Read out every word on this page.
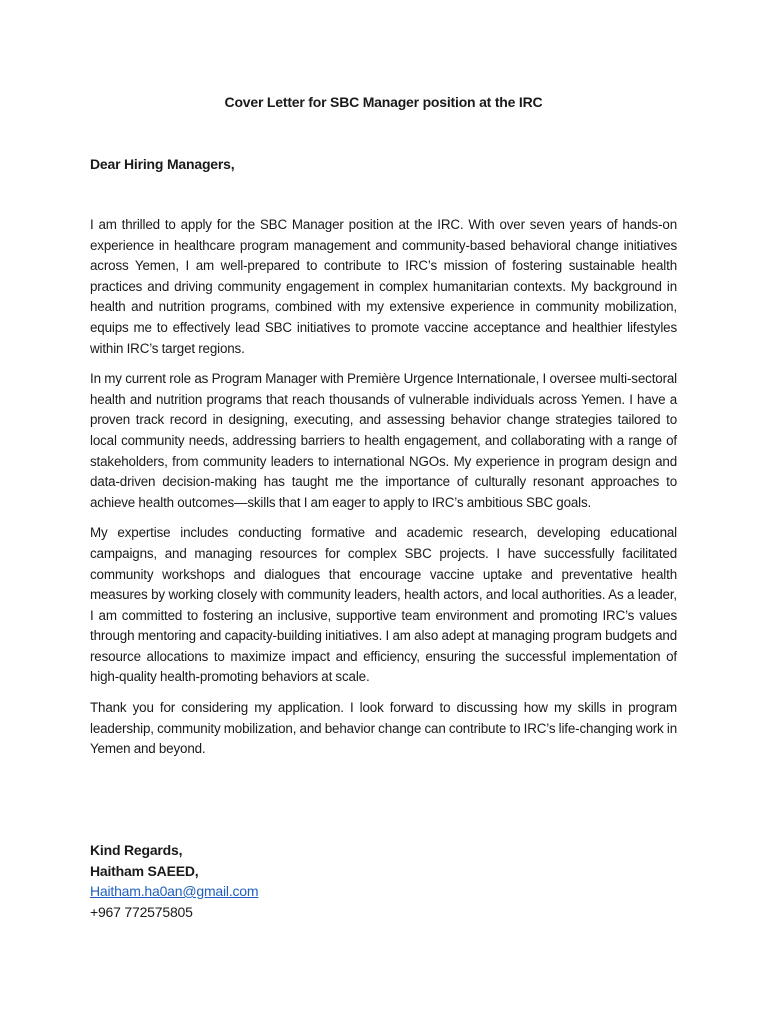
Cover Letter for SBC Manager position at the IRC
Dear Hiring Managers,

I am thrilled to apply for the SBC Manager position at the IRC. With over seven years of hands-on experience in healthcare program management and community-based behavioral change initiatives across Yemen, I am well-prepared to contribute to IRC’s mission of fostering sustainable health practices and driving community engagement in complex humanitarian contexts. My background in health and nutrition programs, combined with my extensive experience in community mobilization, equips me to effectively lead SBC initiatives to promote vaccine acceptance and healthier lifestyles within IRC’s target regions.

In my current role as Program Manager with Première Urgence Internationale, I oversee multi-sectoral health and nutrition programs that reach thousands of vulnerable individuals across Yemen. I have a proven track record in designing, executing, and assessing behavior change strategies tailored to local community needs, addressing barriers to health engagement, and collaborating with a range of stakeholders, from community leaders to international NGOs. My experience in program design and data-driven decision-making has taught me the importance of culturally resonant approaches to achieve health outcomes—skills that I am eager to apply to IRC’s ambitious SBC goals.

My expertise includes conducting formative and academic research, developing educational campaigns, and managing resources for complex SBC projects. I have successfully facilitated community workshops and dialogues that encourage vaccine uptake and preventative health measures by working closely with community leaders, health actors, and local authorities. As a leader, I am committed to fostering an inclusive, supportive team environment and promoting IRC’s values through mentoring and capacity-building initiatives. I am also adept at managing program budgets and resource allocations to maximize impact and efficiency, ensuring the successful implementation of high-quality health-promoting behaviors at scale.

Thank you for considering my application. I look forward to discussing how my skills in program leadership, community mobilization, and behavior change can contribute to IRC’s life-changing work in Yemen and beyond.

Kind Regards,
Haitham SAEED,
Haitham.ha0an@gmail.com
+967 772575805
